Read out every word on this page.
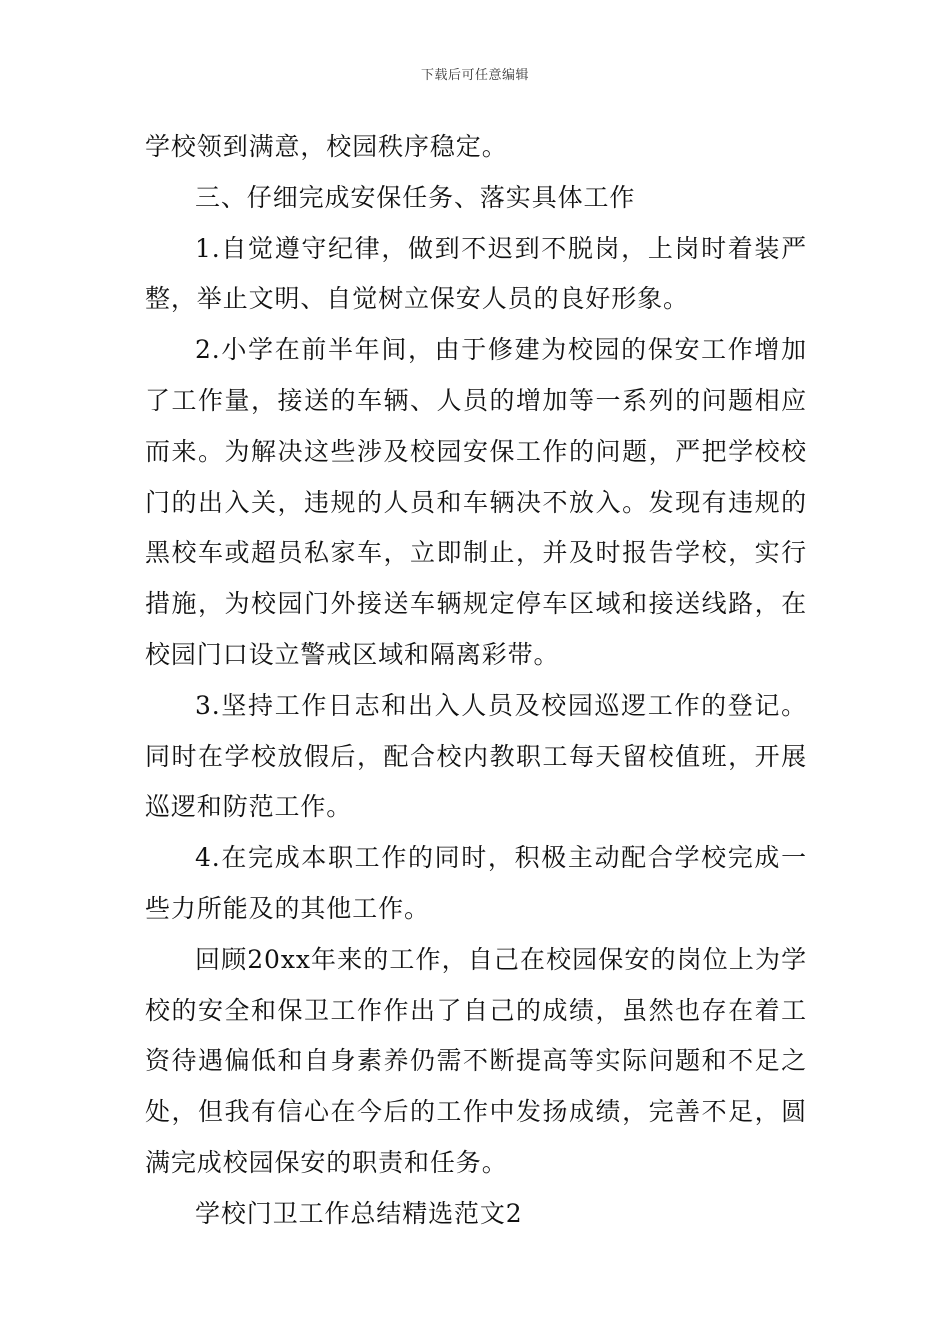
下载后可任意编辑

学校领到满意，校园秩序稳定。

三、仔细完成安保任务、落实具体工作

1.自觉遵守纪律，做到不迟到不脱岗，上岗时着装严整，举止文明、自觉树立保安人员的良好形象。

2.小学在前半年间，由于修建为校园的保安工作增加了工作量，接送的车辆、人员的增加等一系列的问题相应而来。为解决这些涉及校园安保工作的问题，严把学校校门的出入关，违规的人员和车辆决不放入。发现有违规的黑校车或超员私家车，立即制止，并及时报告学校，实行措施，为校园门外接送车辆规定停车区域和接送线路，在校园门口设立警戒区域和隔离彩带。

3.坚持工作日志和出入人员及校园巡逻工作的登记。同时在学校放假后，配合校内教职工每天留校值班，开展巡逻和防范工作。

4.在完成本职工作的同时，积极主动配合学校完成一些力所能及的其他工作。

回顾20xx年来的工作，自己在校园保安的岗位上为学校的安全和保卫工作作出了自己的成绩，虽然也存在着工资待遇偏低和自身素养仍需不断提高等实际问题和不足之处，但我有信心在今后的工作中发扬成绩，完善不足，圆满完成校园保安的职责和任务。

学校门卫工作总结精选范文2
